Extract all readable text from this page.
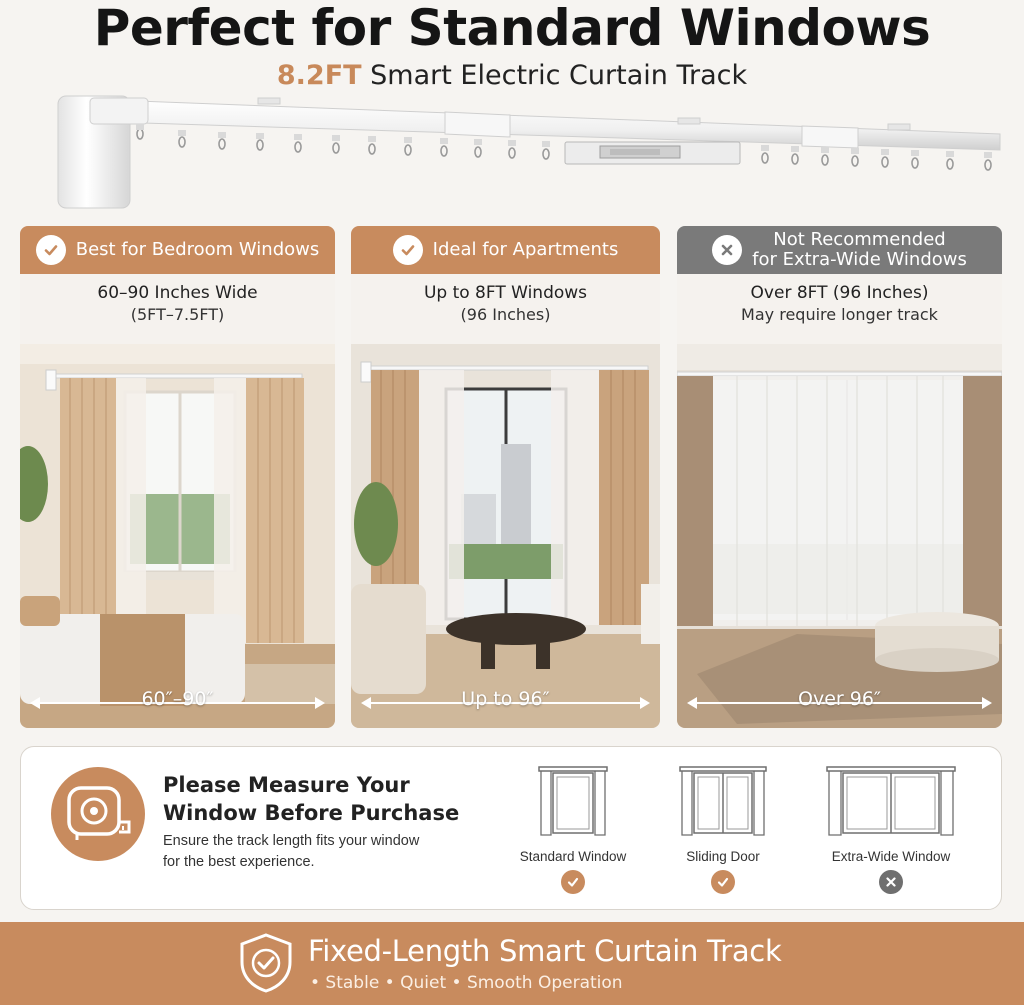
Perfect for Standard Windows
8.2FT Smart Electric Curtain Track
Best for Bedroom Windows
60–90 Inches Wide
(5FT–7.5FT)
60″–90″
Ideal for Apartments
Up to 8FT Windows
(96 Inches)
Up to 96″
Not Recommended
for Extra-Wide Windows
Over 8FT (96 Inches)
May require longer track
Over 96″
Please Measure Your
Window Before Purchase
Ensure the track length fits your window
for the best experience.	Standard Window	Sliding Door	Extra-Wide Window
Fixed-Length Smart Curtain Track
• Stable • Quiet • Smooth Operation
